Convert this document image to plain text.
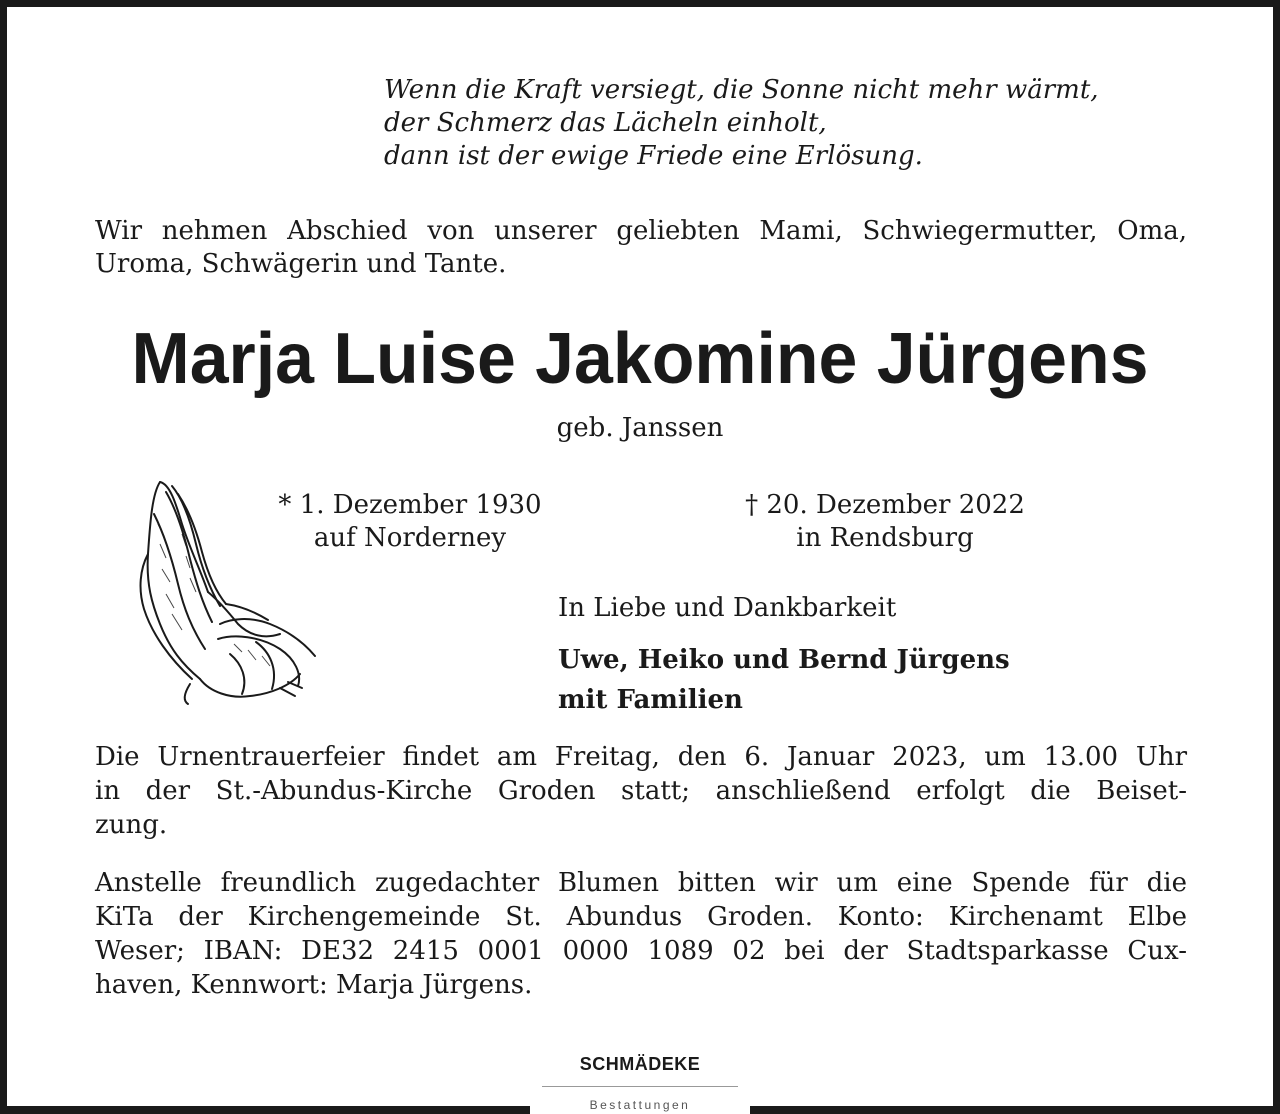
Wenn die Kraft versiegt, die Sonne nicht mehr wärmt,
der Schmerz das Lächeln einholt,
dann ist der ewige Friede eine Erlösung.
Wir nehmen Abschied von unserer geliebten Mami, Schwiegermutter, Oma, Uroma, Schwägerin und Tante.
Marja Luise Jakomine Jürgens
geb. Janssen
* 1. Dezember 1930
auf Norderney
† 20. Dezember 2022
in Rendsburg
In Liebe und Dankbarkeit
Uwe, Heiko und Bernd Jürgens
mit Familien
Die Urnentrauerfeier findet am Freitag, den 6. Januar 2023, um 13.00 Uhr
in der St.-Abundus-Kirche Groden statt; anschließend erfolgt die Beiset-
zung.
Anstelle freundlich zugedachter Blumen bitten wir um eine Spende für die
KiTa der Kirchengemeinde St. Abundus Groden. Konto: Kirchenamt Elbe
Weser; IBAN: DE32 2415 0001 0000 1089 02 bei der Stadtsparkasse Cux-
haven, Kennwort: Marja Jürgens.
SCHMÄDEKE
Bestattungen
